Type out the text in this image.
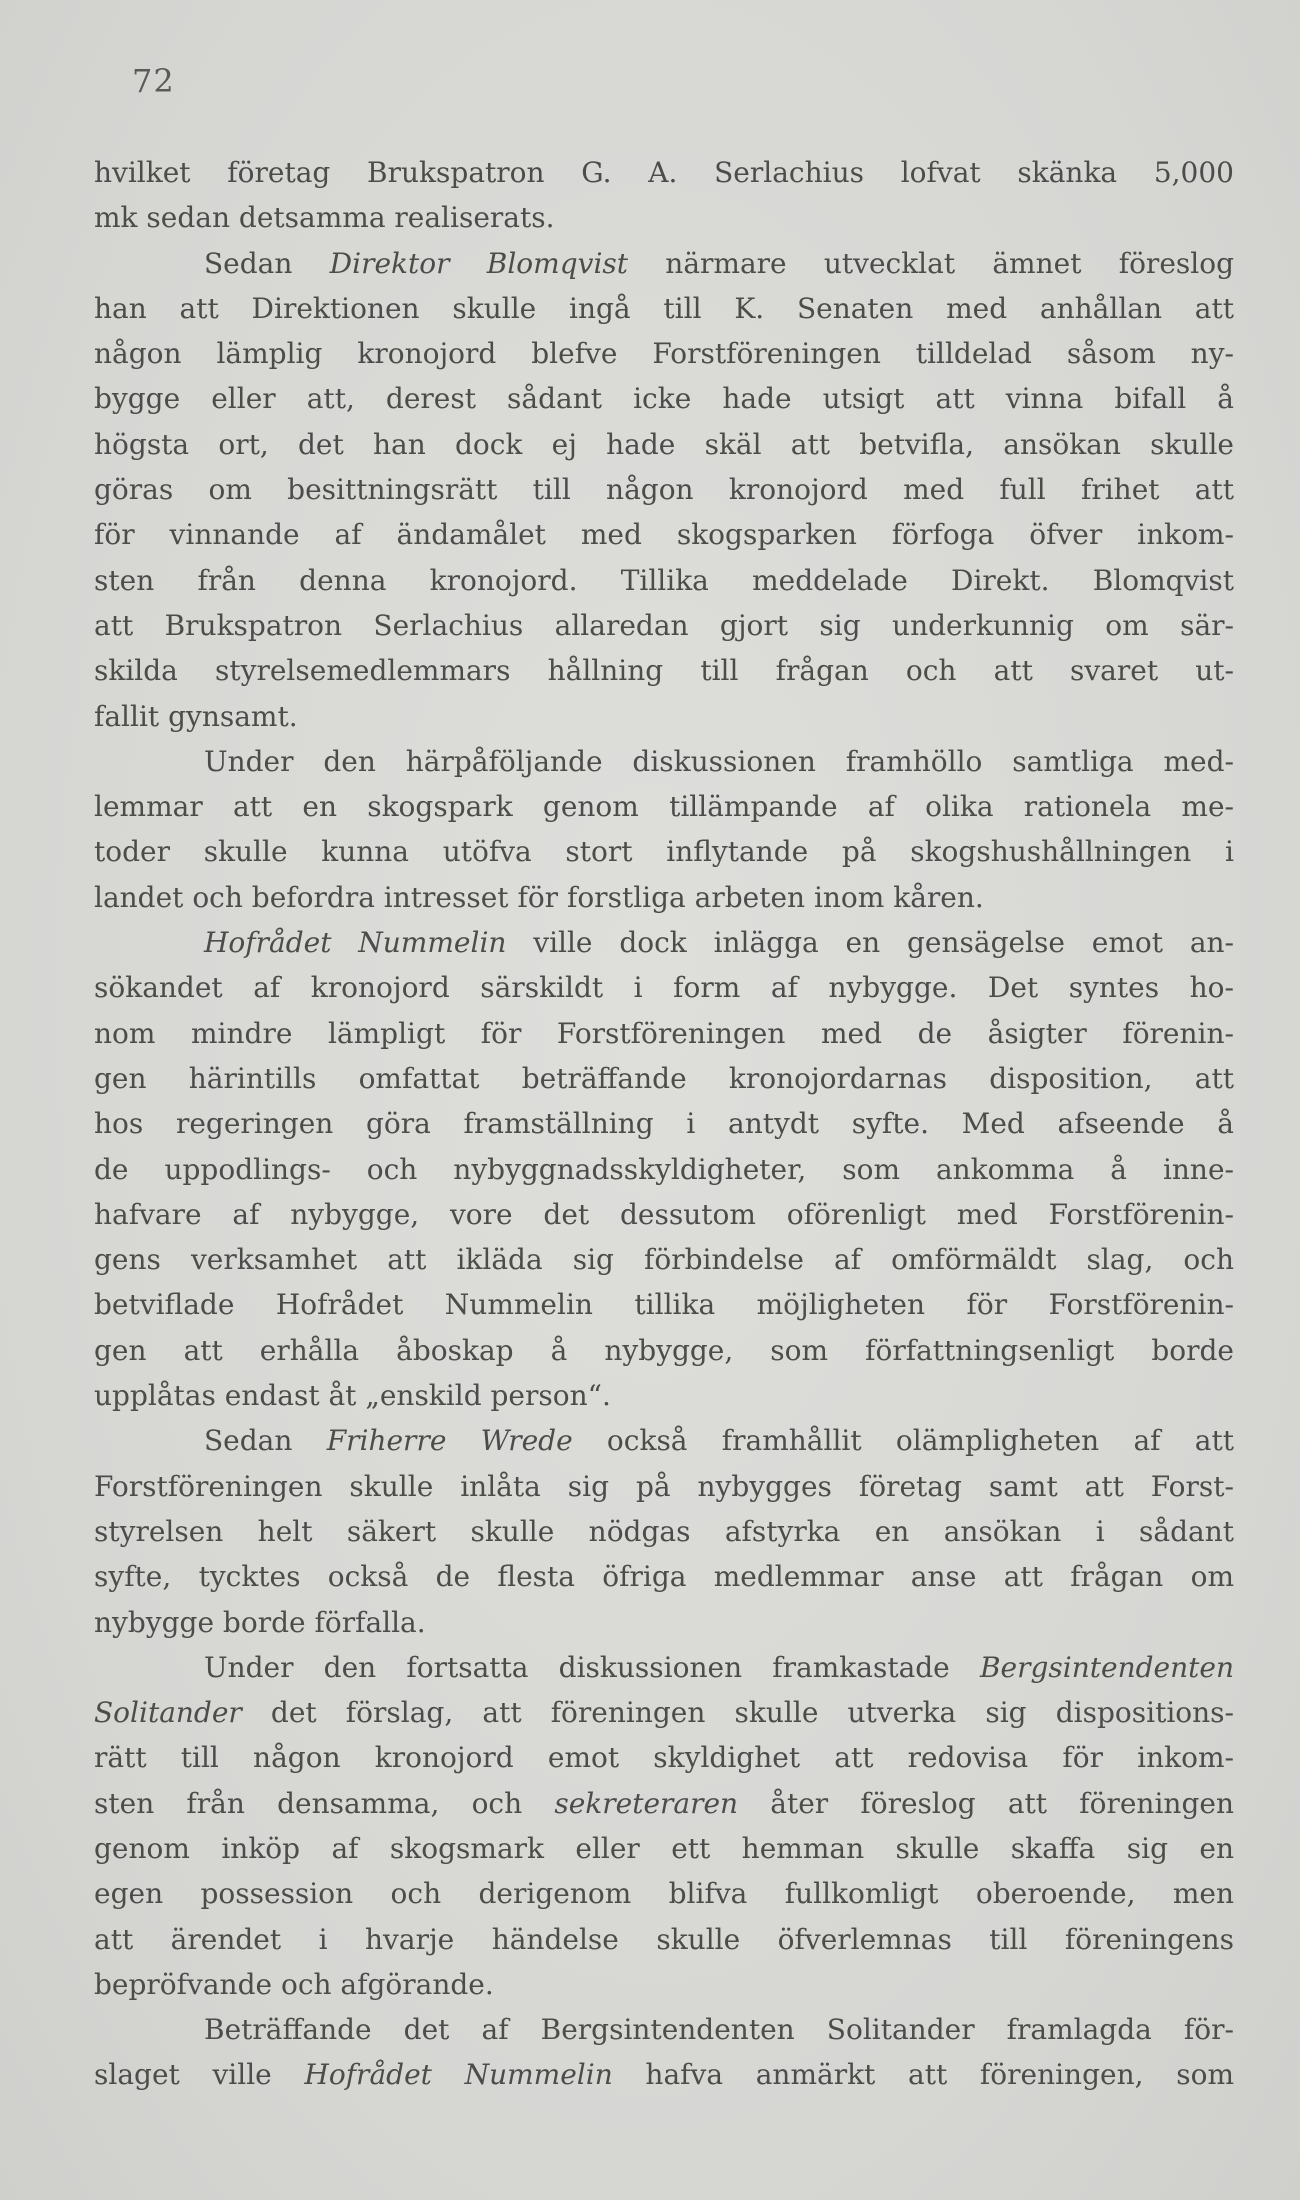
72
hvilket företag Brukspatron G. A. Serlachius lofvat skänka 5,000
mk sedan detsamma realiserats.
Sedan Direktor Blomqvist närmare utvecklat ämnet föreslog
han att Direktionen skulle ingå till K. Senaten med anhållan att
någon lämplig kronojord blefve Forstföreningen tilldelad såsom ny-
bygge eller att, derest sådant icke hade utsigt att vinna bifall å
högsta ort, det han dock ej hade skäl att betvifla, ansökan skulle
göras om besittningsrätt till någon kronojord med full frihet att
för vinnande af ändamålet med skogsparken förfoga öfver inkom-
sten från denna kronojord. Tillika meddelade Direkt. Blomqvist
att Brukspatron Serlachius allaredan gjort sig underkunnig om sär-
skilda styrelsemedlemmars hållning till frågan och att svaret ut-
fallit gynsamt.
Under den härpåföljande diskussionen framhöllo samtliga med-
lemmar att en skogspark genom tillämpande af olika rationela me-
toder skulle kunna utöfva stort inflytande på skogshushållningen i
landet och befordra intresset för forstliga arbeten inom kåren.
Hofrådet Nummelin ville dock inlägga en gensägelse emot an-
sökandet af kronojord särskildt i form af nybygge. Det syntes ho-
nom mindre lämpligt för Forstföreningen med de åsigter förenin-
gen härintills omfattat beträffande kronojordarnas disposition, att
hos regeringen göra framställning i antydt syfte. Med afseende å
de uppodlings- och nybyggnadsskyldigheter, som ankomma å inne-
hafvare af nybygge, vore det dessutom oförenligt med Forstförenin-
gens verksamhet att ikläda sig förbindelse af omförmäldt slag, och
betviflade Hofrådet Nummelin tillika möjligheten för Forstförenin-
gen att erhålla åboskap å nybygge, som författningsenligt borde
upplåtas endast åt „enskild person“.
Sedan Friherre Wrede också framhållit olämpligheten af att
Forstföreningen skulle inlåta sig på nybygges företag samt att Forst-
styrelsen helt säkert skulle nödgas afstyrka en ansökan i sådant
syfte, tycktes också de flesta öfriga medlemmar anse att frågan om
nybygge borde förfalla.
Under den fortsatta diskussionen framkastade Bergsintendenten
Solitander det förslag, att föreningen skulle utverka sig dispositions-
rätt till någon kronojord emot skyldighet att redovisa för inkom-
sten från densamma, och sekreteraren åter föreslog att föreningen
genom inköp af skogsmark eller ett hemman skulle skaffa sig en
egen possession och derigenom blifva fullkomligt oberoende, men
att ärendet i hvarje händelse skulle öfverlemnas till föreningens
bepröfvande och afgörande.
Beträffande det af Bergsintendenten Solitander framlagda för-
slaget ville Hofrådet Nummelin hafva anmärkt att föreningen, som
